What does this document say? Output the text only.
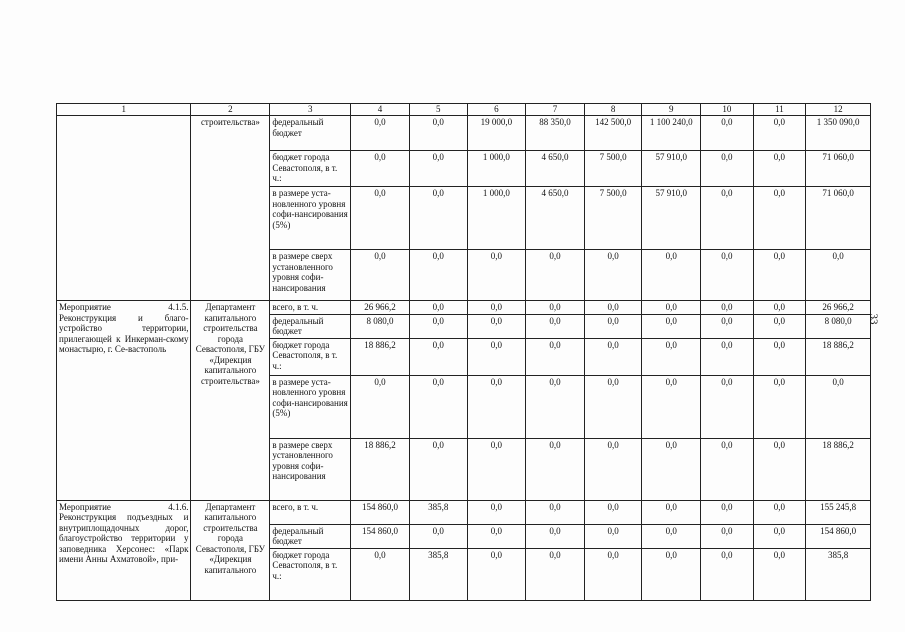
1	2	3	4	5	6	7	8	9	10	11	12
	строительства»	федеральный бюджет	0,0	0,0	19 000,0	88 350,0	142 500,0	1 100 240,0	0,0	0,0	1 350 090,0
		бюджет города Севастополя, в т. ч.:	0,0	0,0	1 000,0	4 650,0	7 500,0	57 910,0	0,0	0,0	71 060,0
		в размере уста-новленного уровня софи-нансирования (5%)	0,0	0,0	1 000,0	4 650,0	7 500,0	57 910,0	0,0	0,0	71 060,0
		в размере сверх установленного уровня софи-нансирования	0,0	0,0	0,0	0,0	0,0	0,0	0,0	0,0	0,0
Мероприятие 4.1.5. Реконструкция и благо-устройство территории, прилегающей к Инкерман-скому монастырю, г. Се-вастополь	Департамент капитального строительства города Севастополя, ГБУ «Дирекция капитального строительства»	всего, в т. ч.	26 966,2	0,0	0,0	0,0	0,0	0,0	0,0	0,0	26 966,2
		федеральный бюджет	8 080,0	0,0	0,0	0,0	0,0	0,0	0,0	0,0	8 080,0
		бюджет города Севастополя, в т. ч.:	18 886,2	0,0	0,0	0,0	0,0	0,0	0,0	0,0	18 886,2
		в размере уста-новленного уровня софи-нансирования (5%)	0,0	0,0	0,0	0,0	0,0	0,0	0,0	0,0	0,0
		в размере сверх установленного уровня софи-нансирования	18 886,2	0,0	0,0	0,0	0,0	0,0	0,0	0,0	18 886,2
Мероприятие 4.1.6. Реконструкция подъездных и внутриплощадочных дорог, благоустройство территории у заповедника Херсонес: «Парк имени Анны Ахматовой», при-	Департамент капитального строительства города Севастополя, ГБУ «Дирекция капитального	всего, в т. ч.	154 860,0	385,8	0,0	0,0	0,0	0,0	0,0	0,0	155 245,8
		федеральный бюджет	154 860,0	0,0	0,0	0,0	0,0	0,0	0,0	0,0	154 860,0
		бюджет города Севастополя, в т. ч.:	0,0	385,8	0,0	0,0	0,0	0,0	0,0	0,0	385,8
33
